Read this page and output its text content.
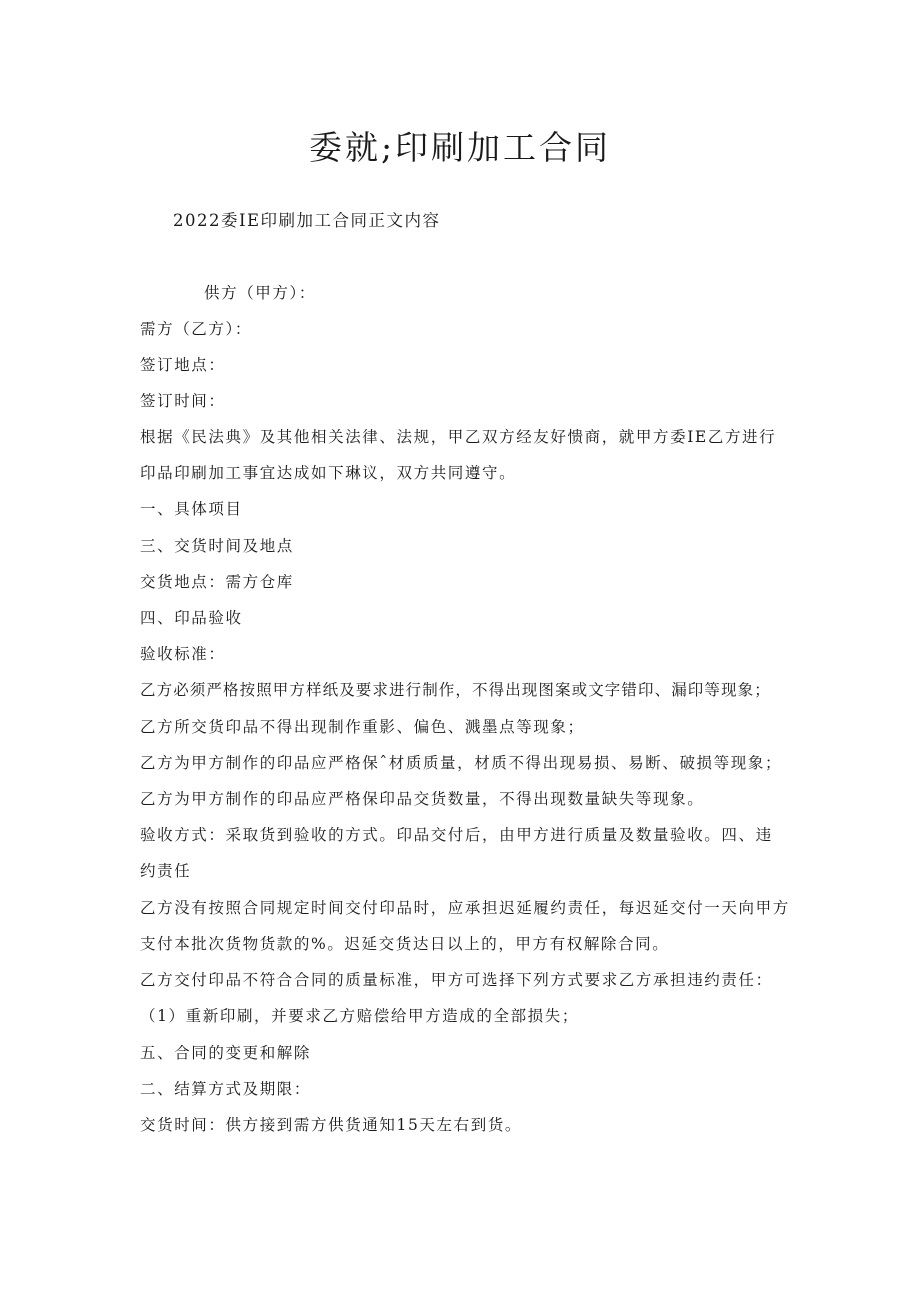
委就;印刷加工合同
2022委IE印刷加工合同正文内容
供方（甲方）：
需方（乙方）：
签订地点：
签订时间：
根据《民法典》及其他相关法律、法规，甲乙双方经友好愦商，就甲方委IE乙方进行
印品印刷加工事宜达成如下琳议，双方共同遵守。
一、具体项目
三、交货时间及地点
交货地点：需方仓库
四、印品验收
验收标准：
乙方必须严格按照甲方样纸及要求进行制作，不得出现图案或文字错印、漏印等现象；
乙方所交货印品不得出现制作重影、偏色、溅墨点等现象；
乙方为甲方制作的印品应严格保ˆ材质质量，材质不得出现易损、易断、破损等现象；
乙方为甲方制作的印品应严格保印品交货数量，不得出现数量缺失等现象。
验收方式：采取货到验收的方式。印品交付后，由甲方进行质量及数量验收。四、违
约责任
乙方没有按照合同规定时间交付印品时，应承担迟延履约责任，每迟延交付一天向甲方
支付本批次货物货款的%。迟延交货达日以上的，甲方有权解除合同。
乙方交付印品不符合合同的质量标准，甲方可选择下列方式要求乙方承担违约责任：
（1）重新印刷，并要求乙方赔偿给甲方造成的全部损失；
五、合同的变更和解除
二、结算方式及期限：
交货时间：供方接到需方供货通知15天左右到货。
